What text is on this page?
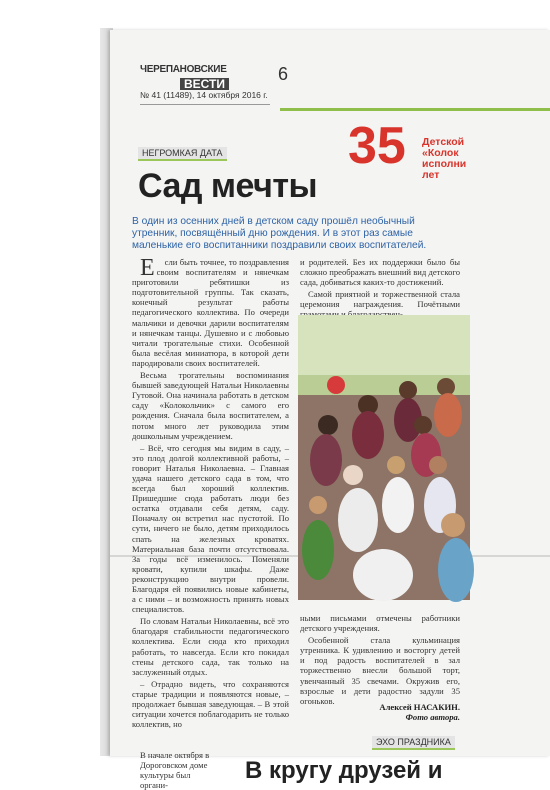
ЧЕРЕПАНОВСКИЕ
ВЕСТИ
№ 41 (11489), 14 октября 2016 г.
6
35 Детской
«Колок
исполни
лет
НЕГРОМКАЯ ДАТА
Сад мечты
В один из осенних дней в детском саду прошёл необычный утренник, посвящённый дню рождения. И в этот раз самые маленькие его воспитанники поздравили своих воспитателей.

Е сли быть точнее, то поздравления своим воспитателям и нянечкам приготовили ребятишки из подготовительной группы. Так сказать, конечный результат работы педагогического коллектива. По очереди мальчики и девочки дарили воспитателям и нянечкам танцы. Душевно и с любовью читали трогательные стихи. Особенной была весёлая миниатюра, в которой дети пародировали своих воспитателей.

Весьма трогательны воспоминания бывшей заведующей Натальи Николаевны Гутовой. Она начинала работать в детском саду «Колокольчик» с самого его рождения. Сначала была воспитателем, а потом много лет руководила этим дошкольным учреждением.

– Всё, что сегодня мы видим в саду, – это плод долгой коллективной работы, – говорит Наталья Николаевна. – Главная удача нашего детского сада в том, что всегда был хороший коллектив. Пришедшие сюда работать люди без остатка отдавали себя детям, саду. Поначалу он встретил нас пустотой. По сути, ничего не было, детям приходилось спать на железных кроватях. Материальная база почти отсутствовала. За годы всё изменилось. Поменяли кровати, купили шкафы. Даже реконструкцию внутри провели. Благодаря ей появились новые кабинеты, а с ними – и возможность принять новых специалистов.

По словам Натальи Николаевны, всё это благодаря стабильности педагогического коллектива. Если сюда кто приходил работать, то навсегда. Если кто покидал стены детского сада, так только на заслуженный отдых.

– Отрадно видеть, что сохраняются старые традиции и появляются новые, – продолжает бывшая заведующая. – В этой ситуации хочется поблагодарить не только коллектив, но

и родителей. Без их поддержки было бы сложно преображать внешний вид детского сада, добиваться каких-то достижений.

Самой приятной и торжественной стала церемония награждения. Почётными

ными письмами отмечены работники детского учреждения.

Особенной стала кульминация утренника. К удивлению и восторгу детей и под радость воспитателей в зал торжественно внесли большой торт, увенчанный 35 свечами. Окружив его, взрослые и дети радостно задули 35 огоньков.

Алексей НАСАКИН.
Фото автора.
ЭХО ПРАЗДНИКА
В начале октября в Дороговском доме культуры был органи-
В кругу друзей и
